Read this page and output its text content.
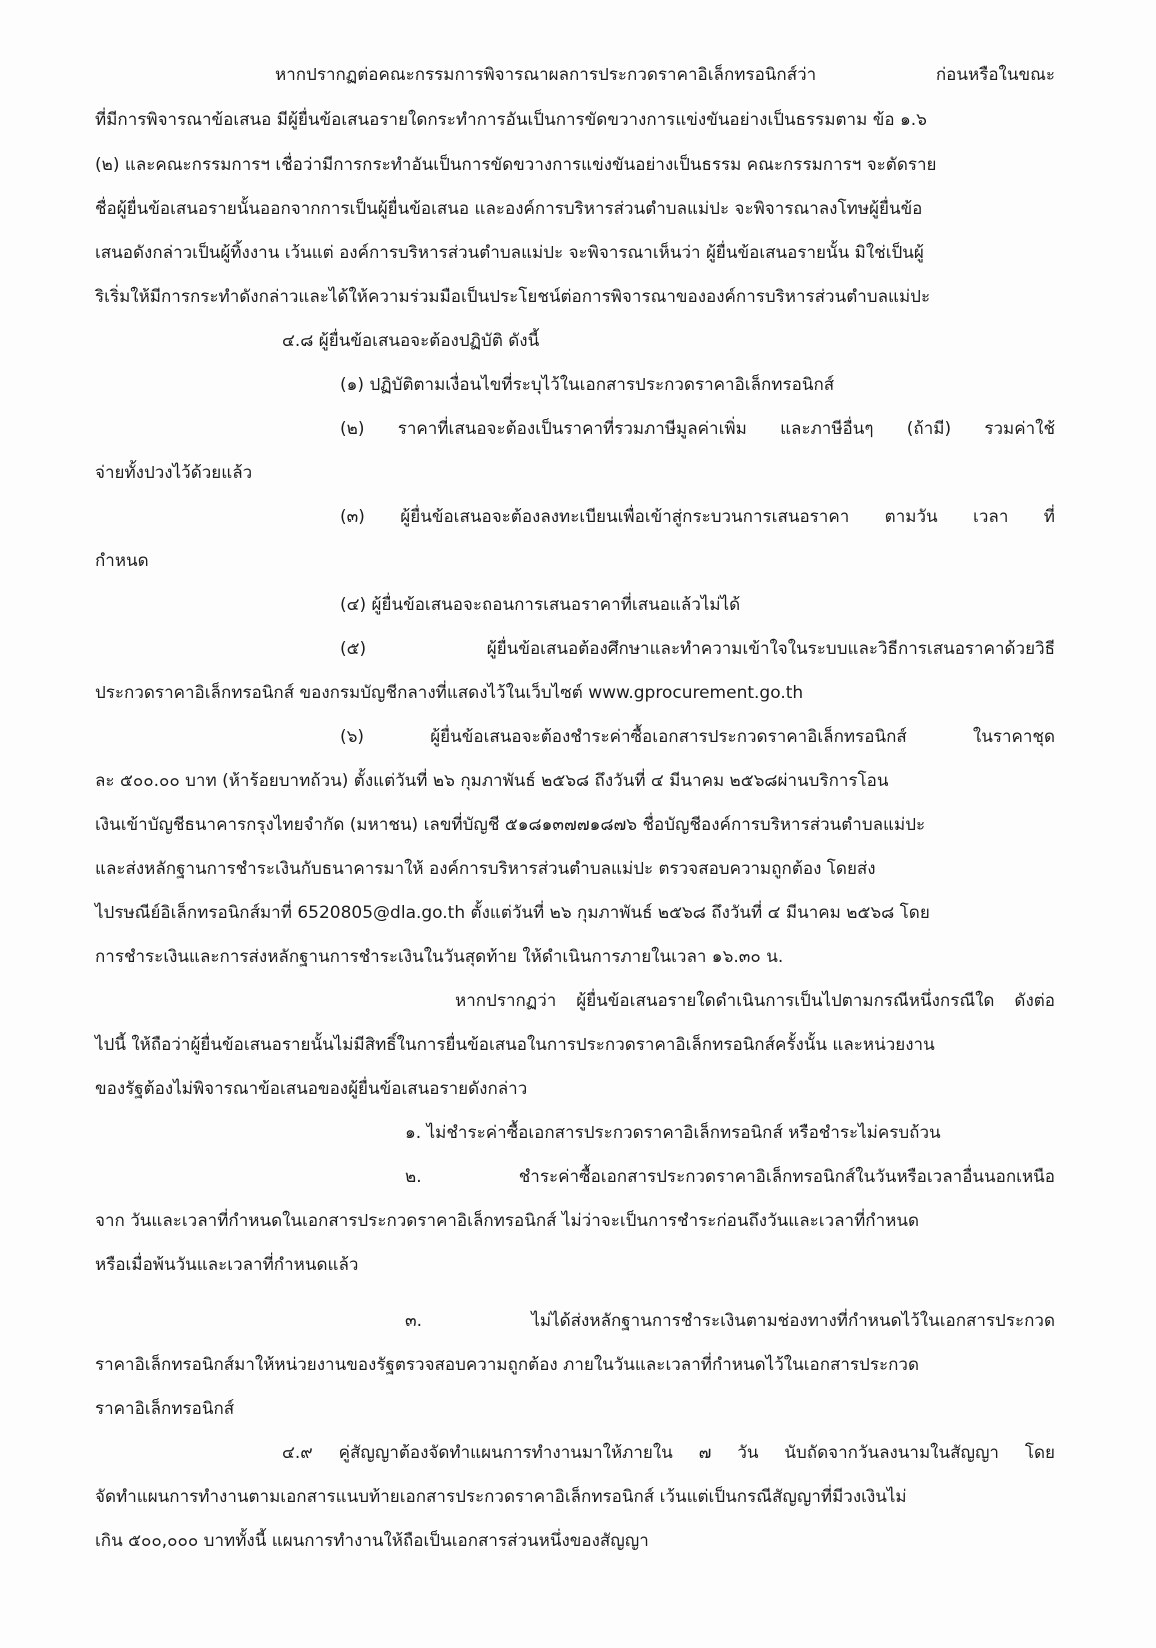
หากปรากฏต่อคณะกรรมการพิจารณาผลการประกวดราคาอิเล็กทรอนิกส์ว่า ก่อนหรือในขณะ
ที่มีการพิจารณาข้อเสนอ มีผู้ยื่นข้อเสนอรายใดกระทำการอันเป็นการขัดขวางการแข่งขันอย่างเป็นธรรมตาม ข้อ ๑.๖
(๒) และคณะกรรมการฯ เชื่อว่ามีการกระทำอันเป็นการขัดขวางการแข่งขันอย่างเป็นธรรม คณะกรรมการฯ จะตัดราย
ชื่อผู้ยื่นข้อเสนอรายนั้นออกจากการเป็นผู้ยื่นข้อเสนอ และองค์การบริหารส่วนตำบลแม่ปะ จะพิจารณาลงโทษผู้ยื่นข้อ
เสนอดังกล่าวเป็นผู้ทิ้งงาน เว้นแต่ องค์การบริหารส่วนตำบลแม่ปะ จะพิจารณาเห็นว่า ผู้ยื่นข้อเสนอรายนั้น มิใช่เป็นผู้
ริเริ่มให้มีการกระทำดังกล่าวและได้ให้ความร่วมมือเป็นประโยชน์ต่อการพิจารณาขององค์การบริหารส่วนตำบลแม่ปะ
๔.๘ ผู้ยื่นข้อเสนอจะต้องปฏิบัติ ดังนี้
(๑) ปฏิบัติตามเงื่อนไขที่ระบุไว้ในเอกสารประกวดราคาอิเล็กทรอนิกส์
(๒) ราคาที่เสนอจะต้องเป็นราคาที่รวมภาษีมูลค่าเพิ่ม และภาษีอื่นๆ (ถ้ามี) รวมค่าใช้
จ่ายทั้งปวงไว้ด้วยแล้ว
(๓) ผู้ยื่นข้อเสนอจะต้องลงทะเบียนเพื่อเข้าสู่กระบวนการเสนอราคา ตามวัน เวลา ที่
กำหนด
(๔) ผู้ยื่นข้อเสนอจะถอนการเสนอราคาที่เสนอแล้วไม่ได้
(๕) ผู้ยื่นข้อเสนอต้องศึกษาและทำความเข้าใจในระบบและวิธีการเสนอราคาด้วยวิธี
ประกวดราคาอิเล็กทรอนิกส์ ของกรมบัญชีกลางที่แสดงไว้ในเว็บไซต์ www.gprocurement.go.th
(๖) ผู้ยื่นข้อเสนอจะต้องชำระค่าซื้อเอกสารประกวดราคาอิเล็กทรอนิกส์ ในราคาชุด
ละ ๕๐๐.๐๐ บาท (ห้าร้อยบาทถ้วน) ตั้งแต่วันที่ ๒๖ กุมภาพันธ์ ๒๕๖๘ ถึงวันที่ ๔ มีนาคม ๒๕๖๘ผ่านบริการโอน
เงินเข้าบัญชีธนาคารกรุงไทยจำกัด (มหาชน) เลขที่บัญชี ๕๑๘๑๓๗๗๑๘๗๖ ชื่อบัญชีองค์การบริหารส่วนตำบลแม่ปะ
และส่งหลักฐานการชำระเงินกับธนาคารมาให้ องค์การบริหารส่วนตำบลแม่ปะ ตรวจสอบความถูกต้อง โดยส่ง
ไปรษณีย์อิเล็กทรอนิกส์มาที่ 6520805@dla.go.th ตั้งแต่วันที่ ๒๖ กุมภาพันธ์ ๒๕๖๘ ถึงวันที่ ๔ มีนาคม ๒๕๖๘ โดย
การชำระเงินและการส่งหลักฐานการชำระเงินในวันสุดท้าย ให้ดำเนินการภายในเวลา ๑๖.๓๐ น.
หากปรากฏว่า ผู้ยื่นข้อเสนอรายใดดำเนินการเป็นไปตามกรณีหนึ่งกรณีใด ดังต่อ
ไปนี้ ให้ถือว่าผู้ยื่นข้อเสนอรายนั้นไม่มีสิทธิ์ในการยื่นข้อเสนอในการประกวดราคาอิเล็กทรอนิกส์ครั้งนั้น และหน่วยงาน
ของรัฐต้องไม่พิจารณาข้อเสนอของผู้ยื่นข้อเสนอรายดังกล่าว
๑. ไม่ชำระค่าซื้อเอกสารประกวดราคาอิเล็กทรอนิกส์ หรือชำระไม่ครบถ้วน
๒. ชำระค่าซื้อเอกสารประกวดราคาอิเล็กทรอนิกส์ในวันหรือเวลาอื่นนอกเหนือ
จาก วันและเวลาที่กำหนดในเอกสารประกวดราคาอิเล็กทรอนิกส์ ไม่ว่าจะเป็นการชำระก่อนถึงวันและเวลาที่กำหนด
หรือเมื่อพ้นวันและเวลาที่กำหนดแล้ว
๓. ไม่ได้ส่งหลักฐานการชำระเงินตามช่องทางที่กำหนดไว้ในเอกสารประกวด
ราคาอิเล็กทรอนิกส์มาให้หน่วยงานของรัฐตรวจสอบความถูกต้อง ภายในวันและเวลาที่กำหนดไว้ในเอกสารประกวด
ราคาอิเล็กทรอนิกส์
๔.๙ คู่สัญญาต้องจัดทำแผนการทำงานมาให้ภายใน ๗ วัน นับถัดจากวันลงนามในสัญญา โดย
จัดทำแผนการทำงานตามเอกสารแนบท้ายเอกสารประกวดราคาอิเล็กทรอนิกส์ เว้นแต่เป็นกรณีสัญญาที่มีวงเงินไม่
เกิน ๕๐๐,๐๐๐ บาททั้งนี้ แผนการทำงานให้ถือเป็นเอกสารส่วนหนึ่งของสัญญา
